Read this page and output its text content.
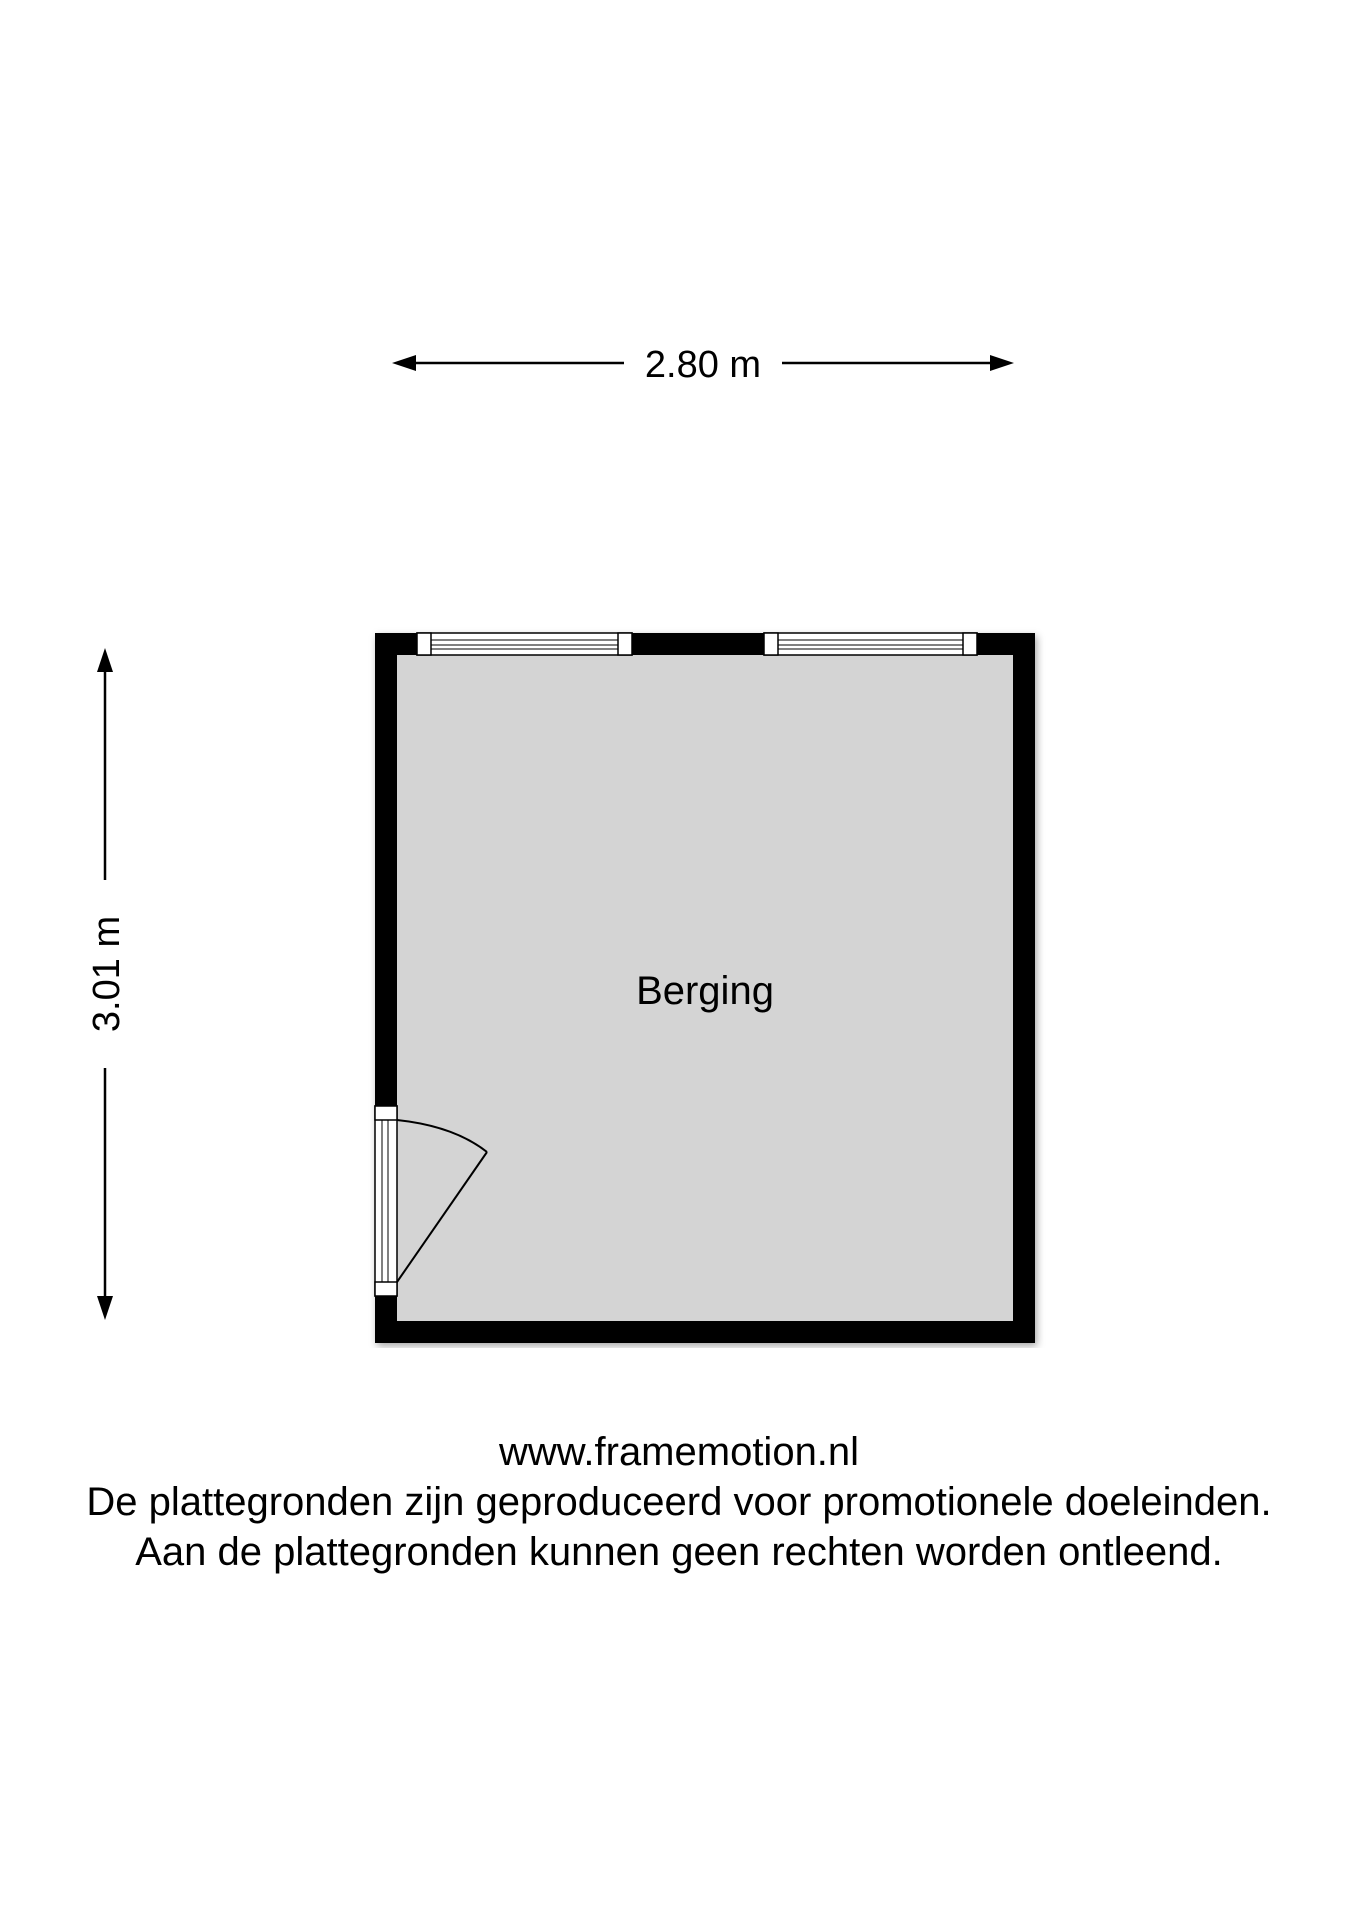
2.80 m
3.01 m	Berging
www.framemotion.nl
De plattegronden zijn geproduceerd voor promotionele doeleinden.
Aan de plattegronden kunnen geen rechten worden ontleend.
